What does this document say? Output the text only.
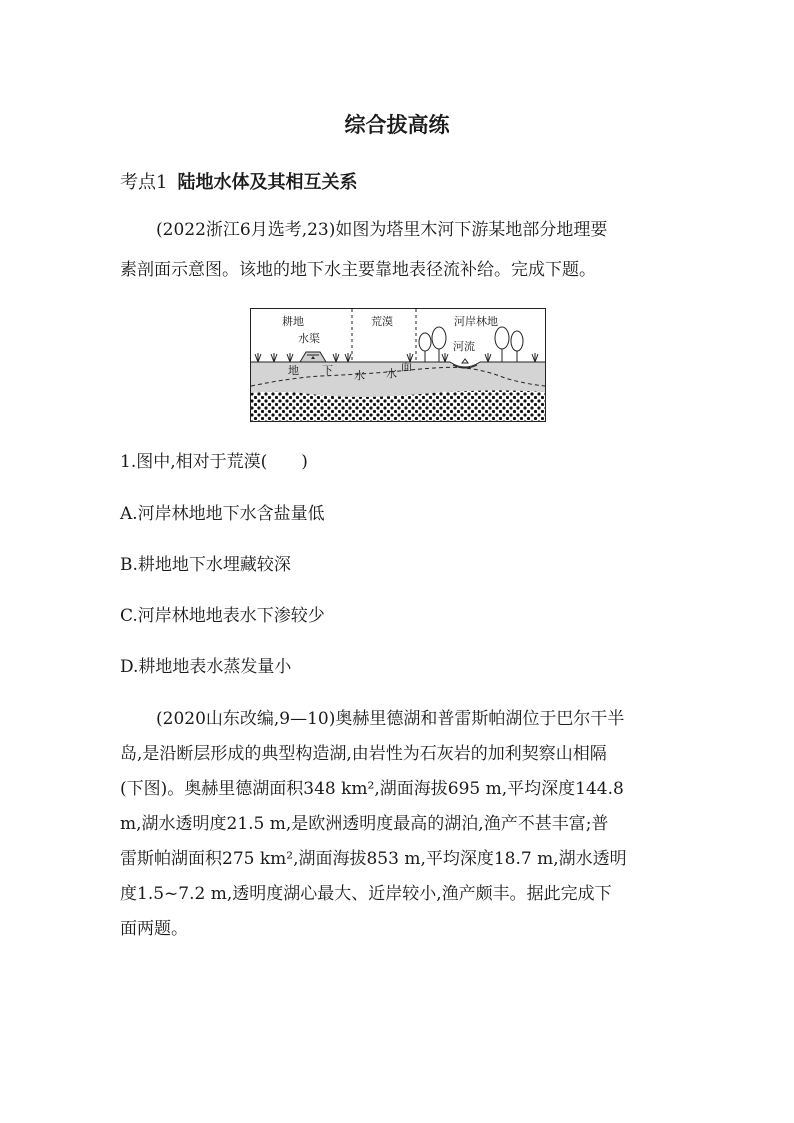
综合拔高练
考点1 陆地水体及其相互关系

(2022浙江6月选考,23)如图为塔里木河下游某地部分地理要

素剖面示意图。该地的地下水主要靠地表径流补给。完成下题。

耕地	荒漠	河岸林地
水渠
河流
地 下 水 水
面

1.图中,相对于荒漠(　　)

A.河岸林地地下水含盐量低

B.耕地地下水埋藏较深

C.河岸林地地表水下渗较少

D.耕地地表水蒸发量小

(2020山东改编,9—10)奥赫里德湖和普雷斯帕湖位于巴尔干半

岛,是沿断层形成的典型构造湖,由岩性为石灰岩的加利契察山相隔

(下图)。奥赫里德湖面积348 km²,湖面海拔695 m,平均深度144.8

m,湖水透明度21.5 m,是欧洲透明度最高的湖泊,渔产不甚丰富;普

雷斯帕湖面积275 km²,湖面海拔853 m,平均深度18.7 m,湖水透明

度1.5~7.2 m,透明度湖心最大、近岸较小,渔产颇丰。据此完成下

面两题。
